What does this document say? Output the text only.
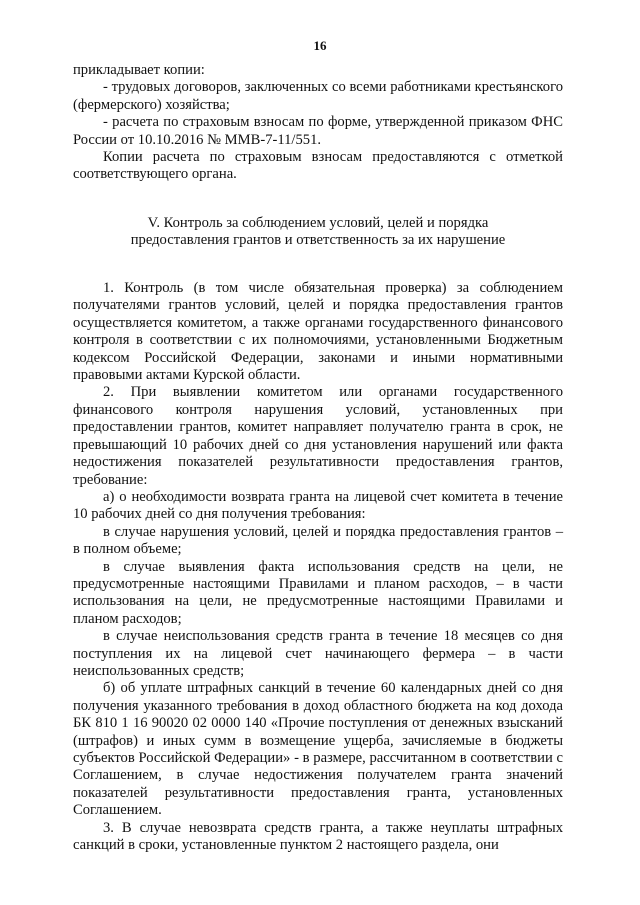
16

прикладывает копии:

- трудовых договоров, заключенных со всеми работниками крестьянского (фермерского) хозяйства;

- расчета по страховым взносам по форме, утвержденной приказом ФНС России от 10.10.2016 № ММВ-7-11/551.

Копии расчета по страховым взносам предоставляются с отметкой соответствующего органа.

V. Контроль за соблюдением условий, целей и порядка
предоставления грантов и ответственность за их нарушение

1. Контроль (в том числе обязательная проверка) за соблюдением получателями грантов условий, целей и порядка предоставления грантов осуществляется комитетом, а также органами государственного финансового контроля в соответствии с их полномочиями, установленными Бюджетным кодексом Российской Федерации, законами и иными нормативными правовыми актами Курской области.

2. При выявлении комитетом или органами государственного финансового контроля нарушения условий, установленных при предоставлении грантов, комитет направляет получателю гранта в срок, не превышающий 10 рабочих дней со дня установления нарушений или факта недостижения показателей результативности предоставления грантов, требование:

а) о необходимости возврата гранта на лицевой счет комитета в течение 10 рабочих дней со дня получения требования:

в случае нарушения условий, целей и порядка предоставления грантов – в полном объеме;

в случае выявления факта использования средств на цели, не предусмотренные настоящими Правилами и планом расходов, – в части использования на цели, не предусмотренные настоящими Правилами и планом расходов;

в случае неиспользования средств гранта в течение 18 месяцев со дня поступления их на лицевой счет начинающего фермера – в части неиспользованных средств;

б) об уплате штрафных санкций в течение 60 календарных дней со дня получения указанного требования в доход областного бюджета на код дохода БК 810 1 16 90020 02 0000 140 «Прочие поступления от денежных взысканий (штрафов) и иных сумм в возмещение ущерба, зачисляемые в бюджеты субъектов Российской Федерации» - в размере, рассчитанном в соответствии с Соглашением, в случае недостижения получателем гранта значений показателей результативности предоставления гранта, установленных Соглашением.

3. В случае невозврата средств гранта, а также неуплаты штрафных санкций в сроки, установленные пунктом 2 настоящего раздела, они
